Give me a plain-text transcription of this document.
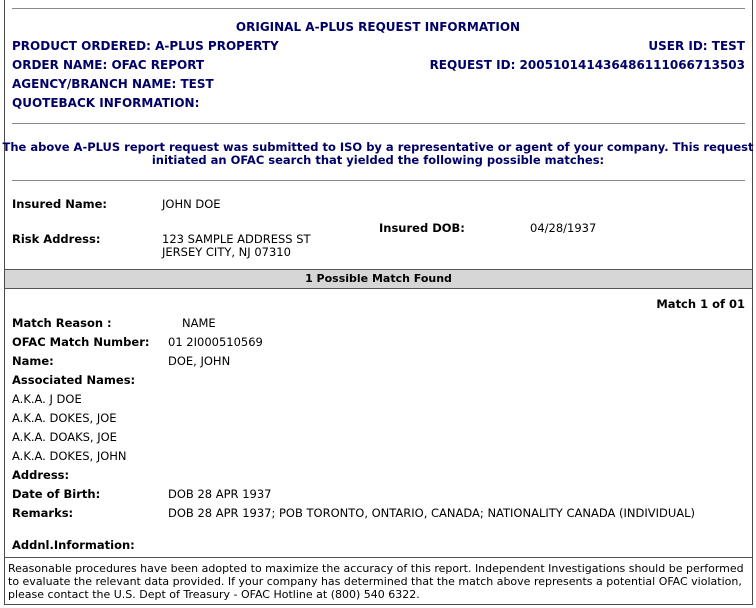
ORIGINAL A-PLUS REQUEST INFORMATION
PRODUCT ORDERED: A-PLUS PROPERTY	USER ID: TEST
ORDER NAME: OFAC REPORT	REQUEST ID: 200510141436486111066713503
AGENCY/BRANCH NAME: TEST
QUOTEBACK INFORMATION:
The above A-PLUS report request was submitted to ISO by a representative or agent of your company. This request
initiated an OFAC search that yielded the following possible matches:
Insured Name:	JOHN DOE
Insured DOB:	04/28/1937
Risk Address:	123 SAMPLE ADDRESS ST
JERSEY CITY, NJ 07310
1 Possible Match Found
Match 1 of 01
Match Reason :	NAME
OFAC Match Number: 01 2I000510569
Name:	DOE, JOHN
Associated Names:
A.K.A. J DOE
A.K.A. DOKES, JOE
A.K.A. DOAKS, JOE
A.K.A. DOKES, JOHN
Address:
Date of Birth:	DOB 28 APR 1937
Remarks:	DOB 28 APR 1937; POB TORONTO, ONTARIO, CANADA; NATIONALITY CANADA (INDIVIDUAL)
Addnl.Information:
Reasonable procedures have been adopted to maximize the accuracy of this report. Independent Investigations should be performed to evaluate the relevant data provided. If your company has determined that the match above represents a potential OFAC violation, please contact the U.S. Dept of Treasury - OFAC Hotline at (800) 540 6322.
